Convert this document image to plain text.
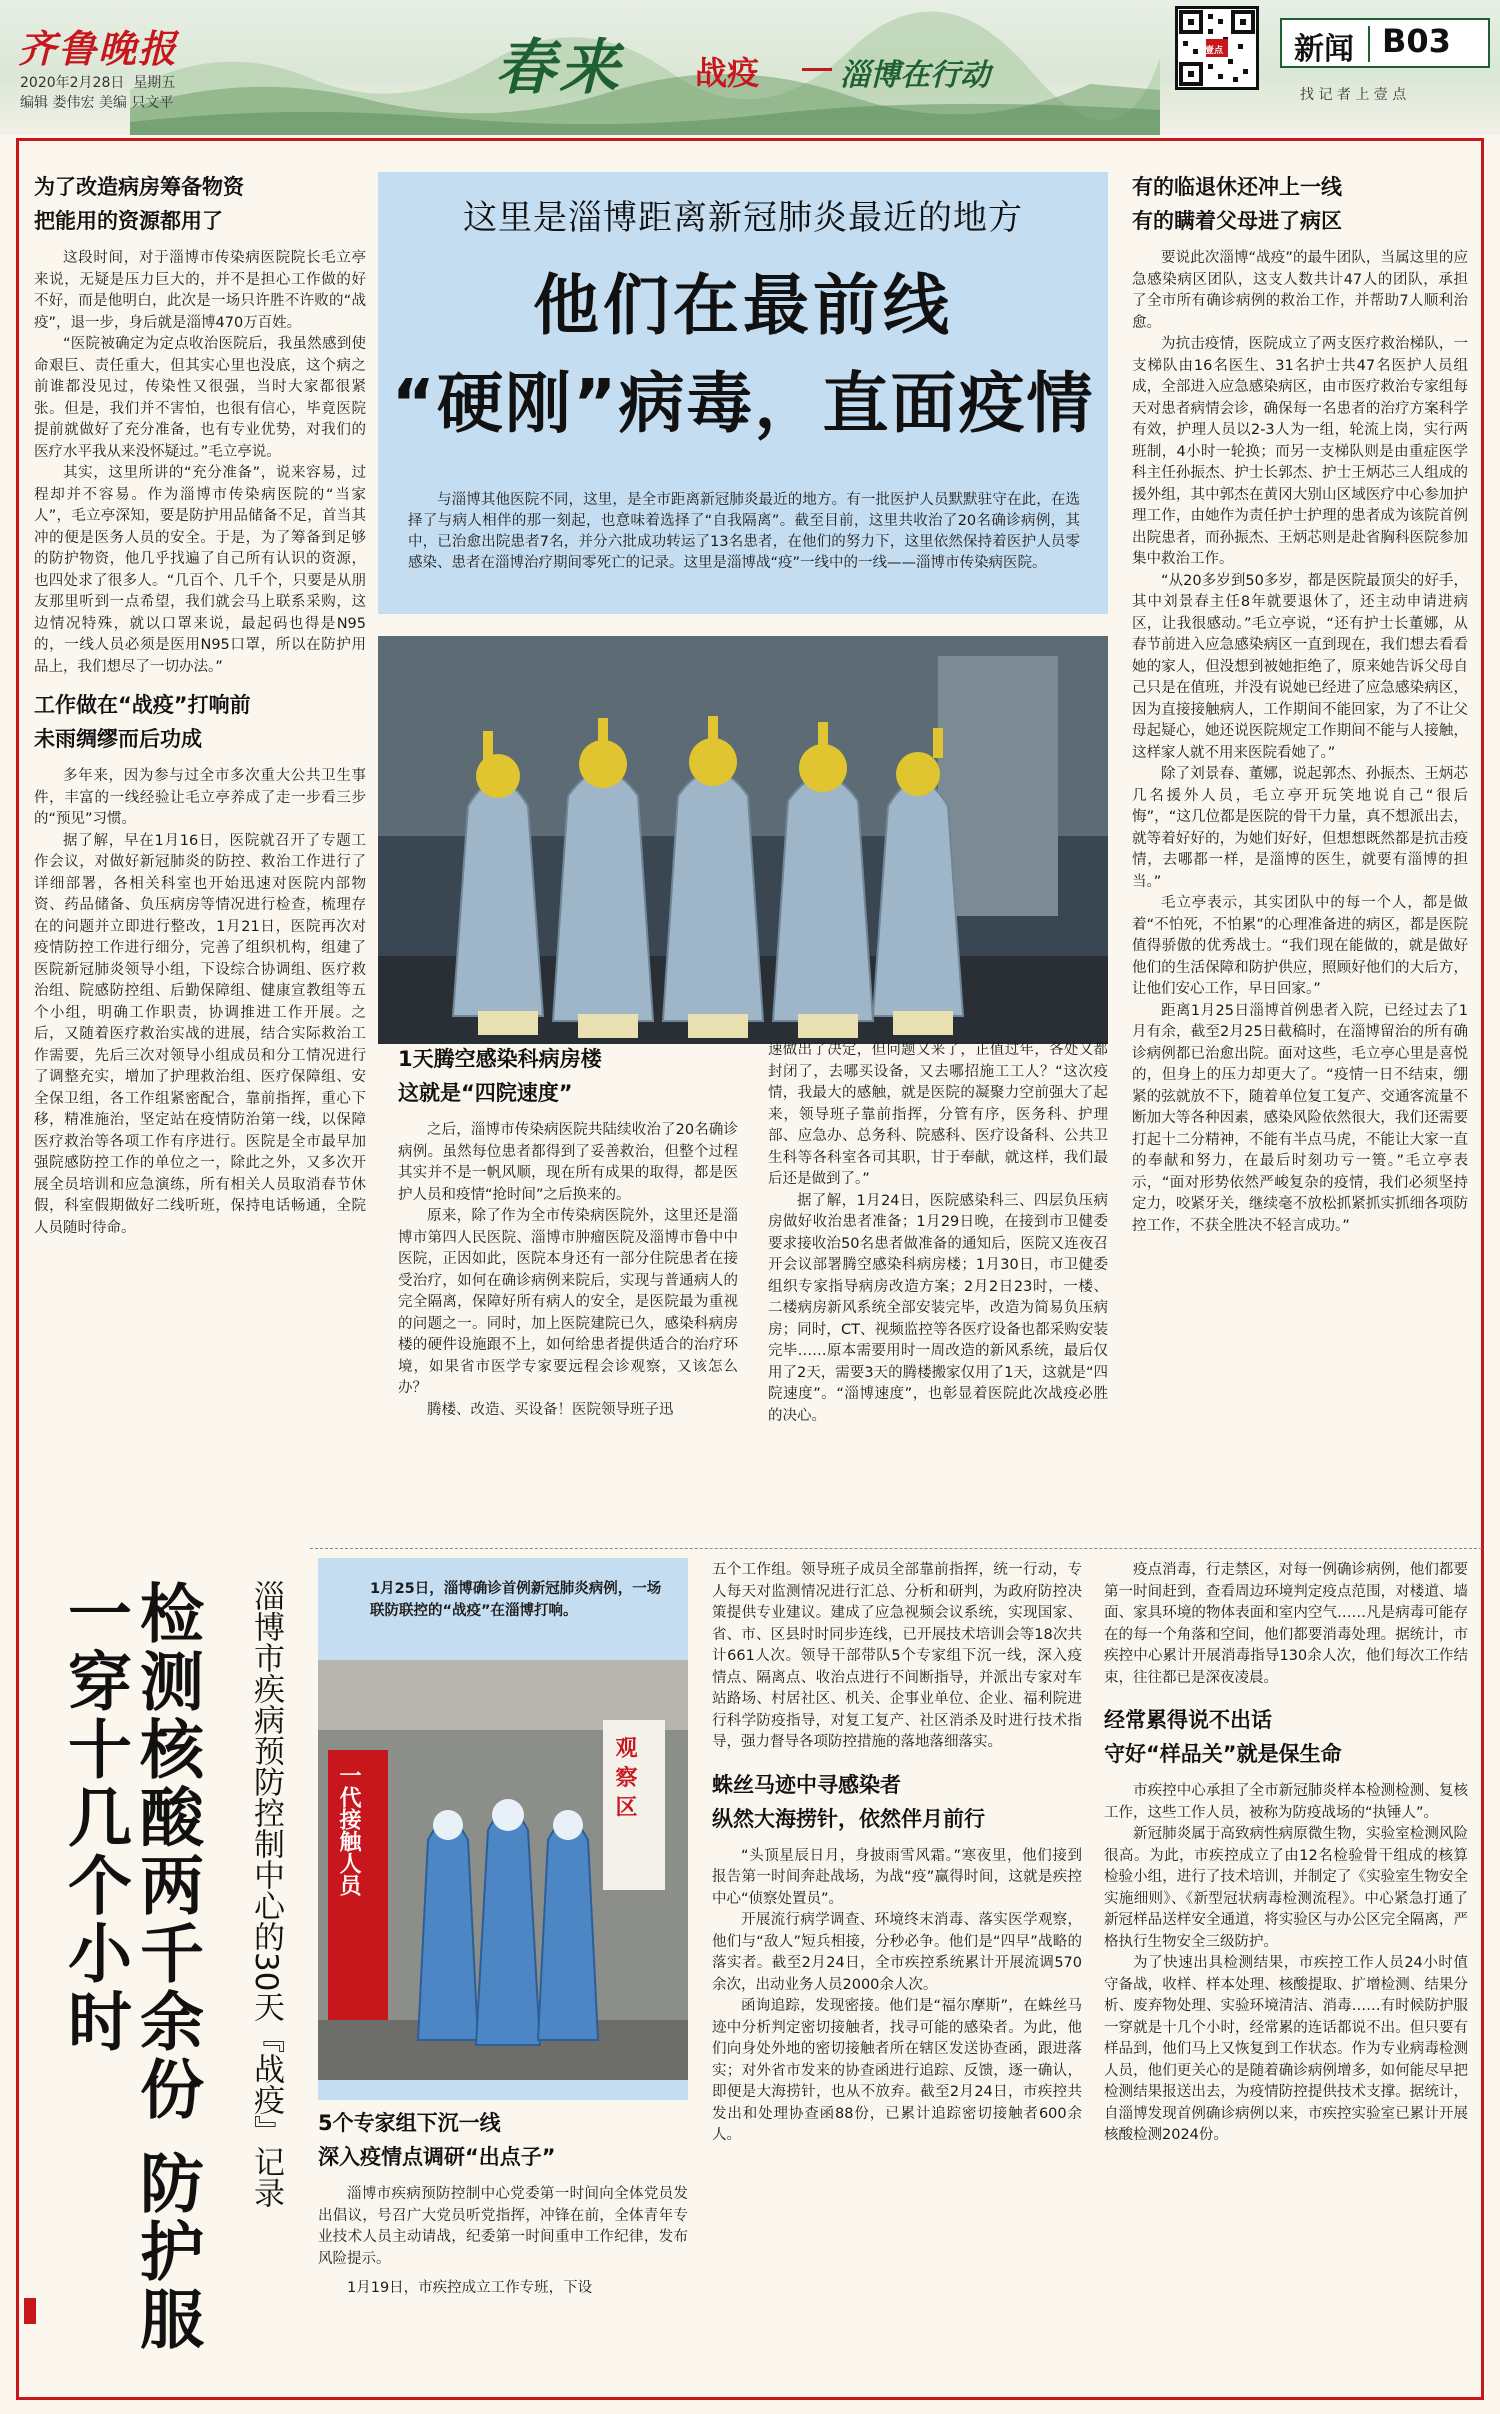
齐鲁晚报
2020年2月28日 星期五
编辑 娄伟宏 美编 只文平	春来 战疫	淄博在行动
壹点 新闻 B03
找 记 者 上 壹 点
这里是淄博距离新冠肺炎最近的地方
他们在最前线
“硬刚”病毒，直面疫情

与淄博其他医院不同，这里，是全市距离新冠肺炎最近的地方。有一批医护人员默默驻守在此，在选择了与病人相伴的那一刻起，也意味着选择了“自我隔离”。截至目前，这里共收治了20名确诊病例，其中，已治愈出院患者7名，并分六批成功转运了13名患者，在他们的努力下，这里依然保持着医护人员零感染、患者在淄博治疗期间零死亡的记录。这里是淄博战“疫”一线中的一线——淄博市传染病医院。

为了改造病房筹备物资
把能用的资源都用了

这段时间，对于淄博市传染病医院院长毛立亭来说，无疑是压力巨大的，并不是担心工作做的好不好，而是他明白，此次是一场只许胜不许败的“战疫”，退一步，身后就是淄博470万百姓。

“医院被确定为定点收治医院后，我虽然感到使命艰巨、责任重大，但其实心里也没底，这个病之前谁都没见过，传染性又很强，当时大家都很紧张。但是，我们并不害怕，也很有信心，毕竟医院提前就做好了充分准备，也有专业优势，对我们的医疗水平我从来没怀疑过。”毛立亭说。

其实，这里所讲的“充分准备”，说来容易，过程却并不容易。作为淄博市传染病医院的“当家人”，毛立亭深知，要是防护用品储备不足，首当其冲的便是医务人员的安全。于是，为了筹备到足够的防护物资，他几乎找遍了自己所有认识的资源，也四处求了很多人。“几百个、几千个，只要是从朋友那里听到一点希望，我们就会马上联系采购，这边情况特殊，就以口罩来说，最起码也得是N95的，一线人员必须是医用N95口罩，所以在防护用品上，我们想尽了一切办法。”

工作做在“战疫”打响前
未雨绸缪而后功成

多年来，因为参与过全市多次重大公共卫生事件，丰富的一线经验让毛立亭养成了走一步看三步的“预见”习惯。

据了解，早在1月16日，医院就召开了专题工作会议，对做好新冠肺炎的防控、救治工作进行了详细部署，各相关科室也开始迅速对医院内部物资、药品储备、负压病房等情况进行检查，梳理存在的问题并立即进行整改，1月21日，医院再次对疫情防控工作进行细分，完善了组织机构，组建了医院新冠肺炎领导小组，下设综合协调组、医疗救治组、院感防控组、后勤保障组、健康宣教组等五个小组，明确工作职责，协调推进工作开展。之后，又随着医疗救治实战的进展，结合实际救治工作需要，先后三次对领导小组成员和分工情况进行了调整充实，增加了护理救治组、医疗保障组、安全保卫组，各工作组紧密配合，靠前指挥，重心下移，精准施治，坚定站在疫情防治第一线，以保障医疗救治等各项工作有序进行。医院是全市最早加强院感防控工作的单位之一，除此之外，又多次开展全员培训和应急演练，所有相关人员取消春节休假，科室假期做好二线听班，保持电话畅通，全院人员随时待命。

1天腾空感染科病房楼
这就是“四院速度”

之后，淄博市传染病医院共陆续收治了20名确诊病例。虽然每位患者都得到了妥善救治，但整个过程其实并不是一帆风顺，现在所有成果的取得，都是医护人员和疫情“抢时间”之后换来的。

原来，除了作为全市传染病医院外，这里还是淄博市第四人民医院、淄博市肿瘤医院及淄博市鲁中中医院，正因如此，医院本身还有一部分住院患者在接受治疗，如何在确诊病例来院后，实现与普通病人的完全隔离，保障好所有病人的安全，是医院最为重视的问题之一。同时，加上医院建院已久，感染科病房楼的硬件设施跟不上，如何给患者提供适合的治疗环境，如果省市医学专家要远程会诊观察，又该怎么办？

腾楼、改造、买设备！医院领导班子迅

速做出了决定，但问题又来了，正值过年，各处又都封闭了，去哪买设备，又去哪招施工工人？“这次疫情，我最大的感触，就是医院的凝聚力空前强大了起来，领导班子靠前指挥，分管有序，医务科、护理部、应急办、总务科、院感科、医疗设备科、公共卫生科等各科室各司其职，甘于奉献，就这样，我们最后还是做到了。”

据了解，1月24日，医院感染科三、四层负压病房做好收治患者准备；1月29日晚，在接到市卫健委要求接收治50名患者做准备的通知后，医院又连夜召开会议部署腾空感染科病房楼；1月30日，市卫健委组织专家指导病房改造方案；2月2日23时，一楼、二楼病房新风系统全部安装完毕，改造为简易负压病房；同时，CT、视频监控等各医疗设备也都采购安装完毕……原本需要用时一周改造的新风系统，最后仅用了2天，需要3天的腾楼搬家仅用了1天，这就是“四院速度”。“淄博速度”，也彰显着医院此次战疫必胜的决心。

有的临退休还冲上一线
有的瞒着父母进了病区

要说此次淄博“战疫”的最牛团队，当属这里的应急感染病区团队，这支人数共计47人的团队，承担了全市所有确诊病例的救治工作，并帮助7人顺利治愈。

为抗击疫情，医院成立了两支医疗救治梯队，一支梯队由16名医生、31名护士共47名医护人员组成，全部进入应急感染病区，由市医疗救治专家组每天对患者病情会诊，确保每一名患者的治疗方案科学有效，护理人员以2-3人为一组，轮流上岗，实行两班制，4小时一轮换；而另一支梯队则是由重症医学科主任孙振杰、护士长郭杰、护士王炳芯三人组成的援外组，其中郭杰在黄冈大别山区域医疗中心参加护理工作，由她作为责任护士护理的患者成为该院首例出院患者，而孙振杰、王炳芯则是赴省胸科医院参加集中救治工作。

“从20多岁到50多岁，都是医院最顶尖的好手，其中刘景春主任8年就要退休了，还主动申请进病区，让我很感动。”毛立亭说，“还有护士长董娜，从春节前进入应急感染病区一直到现在，我们想去看看她的家人，但没想到被她拒绝了，原来她告诉父母自己只是在值班，并没有说她已经进了应急感染病区，因为直接接触病人，工作期间不能回家，为了不让父母起疑心，她还说医院规定工作期间不能与人接触，这样家人就不用来医院看她了。”

除了刘景春、董娜，说起郭杰、孙振杰、王炳芯几名援外人员，毛立亭开玩笑地说自己“很后悔”，“这几位都是医院的骨干力量，真不想派出去，就等着好好的，为她们好好，但想想既然都是抗击疫情，去哪都一样，是淄博的医生，就要有淄博的担当。”

毛立亭表示，其实团队中的每一个人，都是做着“不怕死，不怕累”的心理准备进的病区，都是医院值得骄傲的优秀战士。“我们现在能做的，就是做好他们的生活保障和防护供应，照顾好他们的大后方，让他们安心工作，早日回家。”

距离1月25日淄博首例患者入院，已经过去了1月有余，截至2月25日截稿时，在淄博留治的所有确诊病例都已治愈出院。面对这些，毛立亭心里是喜悦的，但身上的压力却更大了。“疫情一日不结束，绷紧的弦就放不下，随着单位复工复产、交通客流量不断加大等各种因素，感染风险依然很大，我们还需要打起十二分精神，不能有半点马虎，不能让大家一直的奉献和努力，在最后时刻功亏一篑。”毛立亭表示，“面对形势依然严峻复杂的疫情，我们必须坚持定力，咬紧牙关，继续毫不放松抓紧抓实抓细各项防控工作，不获全胜决不轻言成功。”

检测核酸两千余份 防护服一穿十几个小时	淄博市疾病预防控制中心的30天『战疫』记录	1月25日，淄博确诊首例新冠肺炎病例，一场联防联控的“战疫”在淄博打响。
观 察 区
一代接触人员
5个专家组下沉一线
深入疫情点调研“出点子”

淄博市疾病预防控制中心党委第一时间向全体党员发出倡议，号召广大党员听党指挥，冲锋在前，全体青年专业技术人员主动请战，纪委第一时间重申工作纪律，发布风险提示。

1月19日，市疾控成立工作专班，下设

五个工作组。领导班子成员全部靠前指挥，统一行动，专人每天对监测情况进行汇总、分析和研判，为政府防控决策提供专业建议。建成了应急视频会议系统，实现国家、省、市、区县时时同步连线，已开展技术培训会等18次共计661人次。领导干部带队5个专家组下沉一线，深入疫情点、隔离点、收治点进行不间断指导，并派出专家对车站路场、村居社区、机关、企事业单位、企业、福利院进行科学防疫指导，对复工复产、社区消杀及时进行技术指导，强力督导各项防控措施的落地落细落实。

蛛丝马迹中寻感染者
纵然大海捞针，依然伴月前行

“头顶星辰日月，身披雨雪风霜。”寒夜里，他们接到报告第一时间奔赴战场，为战“疫”赢得时间，这就是疾控中心“侦察处置员”。

开展流行病学调查、环境终末消毒、落实医学观察，他们与“敌人”短兵相接，分秒必争。他们是“四早”战略的落实者。截至2月24日，全市疾控系统累计开展流调570余次，出动业务人员2000余人次。

函询追踪，发现密接。他们是“福尔摩斯”，在蛛丝马迹中分析判定密切接触者，找寻可能的感染者。为此，他们向身处外地的密切接触者所在辖区发送协查函，跟进落实；对外省市发来的协查函进行追踪、反馈，逐一确认，即便是大海捞针，也从不放弃。截至2月24日，市疾控共发出和处理协查函88份，已累计追踪密切接触者600余人。

疫点消毒，行走禁区，对每一例确诊病例，他们都要第一时间赶到，查看周边环境判定疫点范围，对楼道、墙面、家具环境的物体表面和室内空气……凡是病毒可能存在的每一个角落和空间，他们都要消毒处理。据统计，市疾控中心累计开展消毒指导130余人次，他们每次工作结束，往往都已是深夜凌晨。

经常累得说不出话
守好“样品关”就是保生命

市疾控中心承担了全市新冠肺炎样本检测检测、复核工作，这些工作人员，被称为防疫战场的“执锤人”。

新冠肺炎属于高致病性病原微生物，实验室检测风险很高。为此，市疾控成立了由12名检验骨干组成的核算检验小组，进行了技术培训，并制定了《实验室生物安全实施细则》、《新型冠状病毒检测流程》。中心紧急打通了新冠样品送样安全通道，将实验区与办公区完全隔离，严格执行生物安全三级防护。

为了快速出具检测结果，市疾控工作人员24小时值守备战，收样、样本处理、核酸提取、扩增检测、结果分析、废弃物处理、实验环境清洁、消毒……有时候防护服一穿就是十几个小时，经常累的连话都说不出。但只要有样品到，他们马上又恢复到工作状态。作为专业病毒检测人员，他们更关心的是随着确诊病例增多，如何能尽早把检测结果报送出去，为疫情防控提供技术支撑。据统计，自淄博发现首例确诊病例以来，市疾控实验室已累计开展核酸检测2024份。
